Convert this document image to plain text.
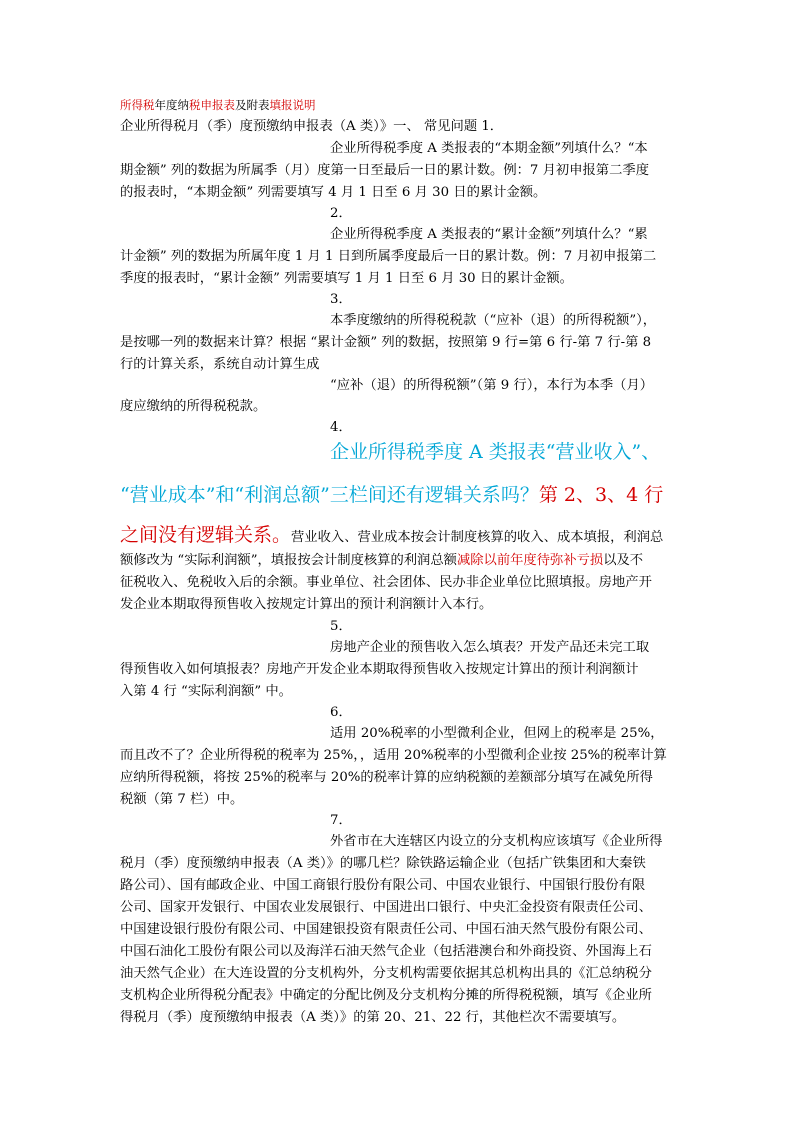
所得税年度纳税申报表及附表填报说明
企业所得税月（季）度预缴纳申报表（A 类）》一、 常见问题 1．
企业所得税季度 A 类报表的“本期金额”列填什么？“本
期金额” 列的数据为所属季（月）度第一日至最后一日的累计数。例：7 月初申报第二季度
的报表时，“本期金额” 列需要填写 4 月 1 日至 6 月 30 日的累计金额。
2．
企业所得税季度 A 类报表的“累计金额”列填什么？“累
计金额” 列的数据为所属年度 1 月 1 日到所属季度最后一日的累计数。例：7 月初申报第二
季度的报表时，“累计金额” 列需要填写 1 月 1 日至 6 月 30 日的累计金额。
3．
本季度缴纳的所得税税款（“应补（退）的所得税额”），
是按哪一列的数据来计算？根据 “累计金额” 列的数据，按照第 9 行=第 6 行-第 7 行-第 8
行的计算关系，系统自动计算生成
“应补（退）的所得税额”（第 9 行），本行为本季（月）
度应缴纳的所得税税款。
4．
企业所得税季度 A 类报表“营业收入”、
“营业成本”和“利润总额”三栏间还有逻辑关系吗？第 2、3、4 行
之间没有逻辑关系。营业收入、营业成本按会计制度核算的收入、成本填报，利润总
额修改为 “实际利润额”，填报按会计制度核算的利润总额减除以前年度待弥补亏损以及不
征税收入、免税收入后的余额。事业单位、社会团体、民办非企业单位比照填报。房地产开
发企业本期取得预售收入按规定计算出的预计利润额计入本行。
5．
房地产企业的预售收入怎么填表？开发产品还未完工取
得预售收入如何填报表？房地产开发企业本期取得预售收入按规定计算出的预计利润额计
入第 4 行 “实际利润额” 中。
6．
适用 20%税率的小型微利企业，但网上的税率是 25%，
而且改不了？企业所得税的税率为 25%，，适用 20%税率的小型微利企业按 25%的税率计算
应纳所得税额，将按 25%的税率与 20%的税率计算的应纳税额的差额部分填写在减免所得
税额（第 7 栏）中。
7．
外省市在大连辖区内设立的分支机构应该填写《企业所得
税月（季）度预缴纳申报表（A 类）》的哪几栏？除铁路运输企业（包括广铁集团和大秦铁
路公司）、国有邮政企业、中国工商银行股份有限公司、中国农业银行、中国银行股份有限
公司、国家开发银行、中国农业发展银行、中国进出口银行、中央汇金投资有限责任公司、
中国建设银行股份有限公司、中国建银投资有限责任公司、中国石油天然气股份有限公司、
中国石油化工股份有限公司以及海洋石油天然气企业（包括港澳台和外商投资、外国海上石
油天然气企业）在大连设置的分支机构外，分支机构需要依据其总机构出具的《汇总纳税分
支机构企业所得税分配表》中确定的分配比例及分支机构分摊的所得税税额，填写《企业所
得税月（季）度预缴纳申报表（A 类）》的第 20、21、22 行，其他栏次不需要填写。
